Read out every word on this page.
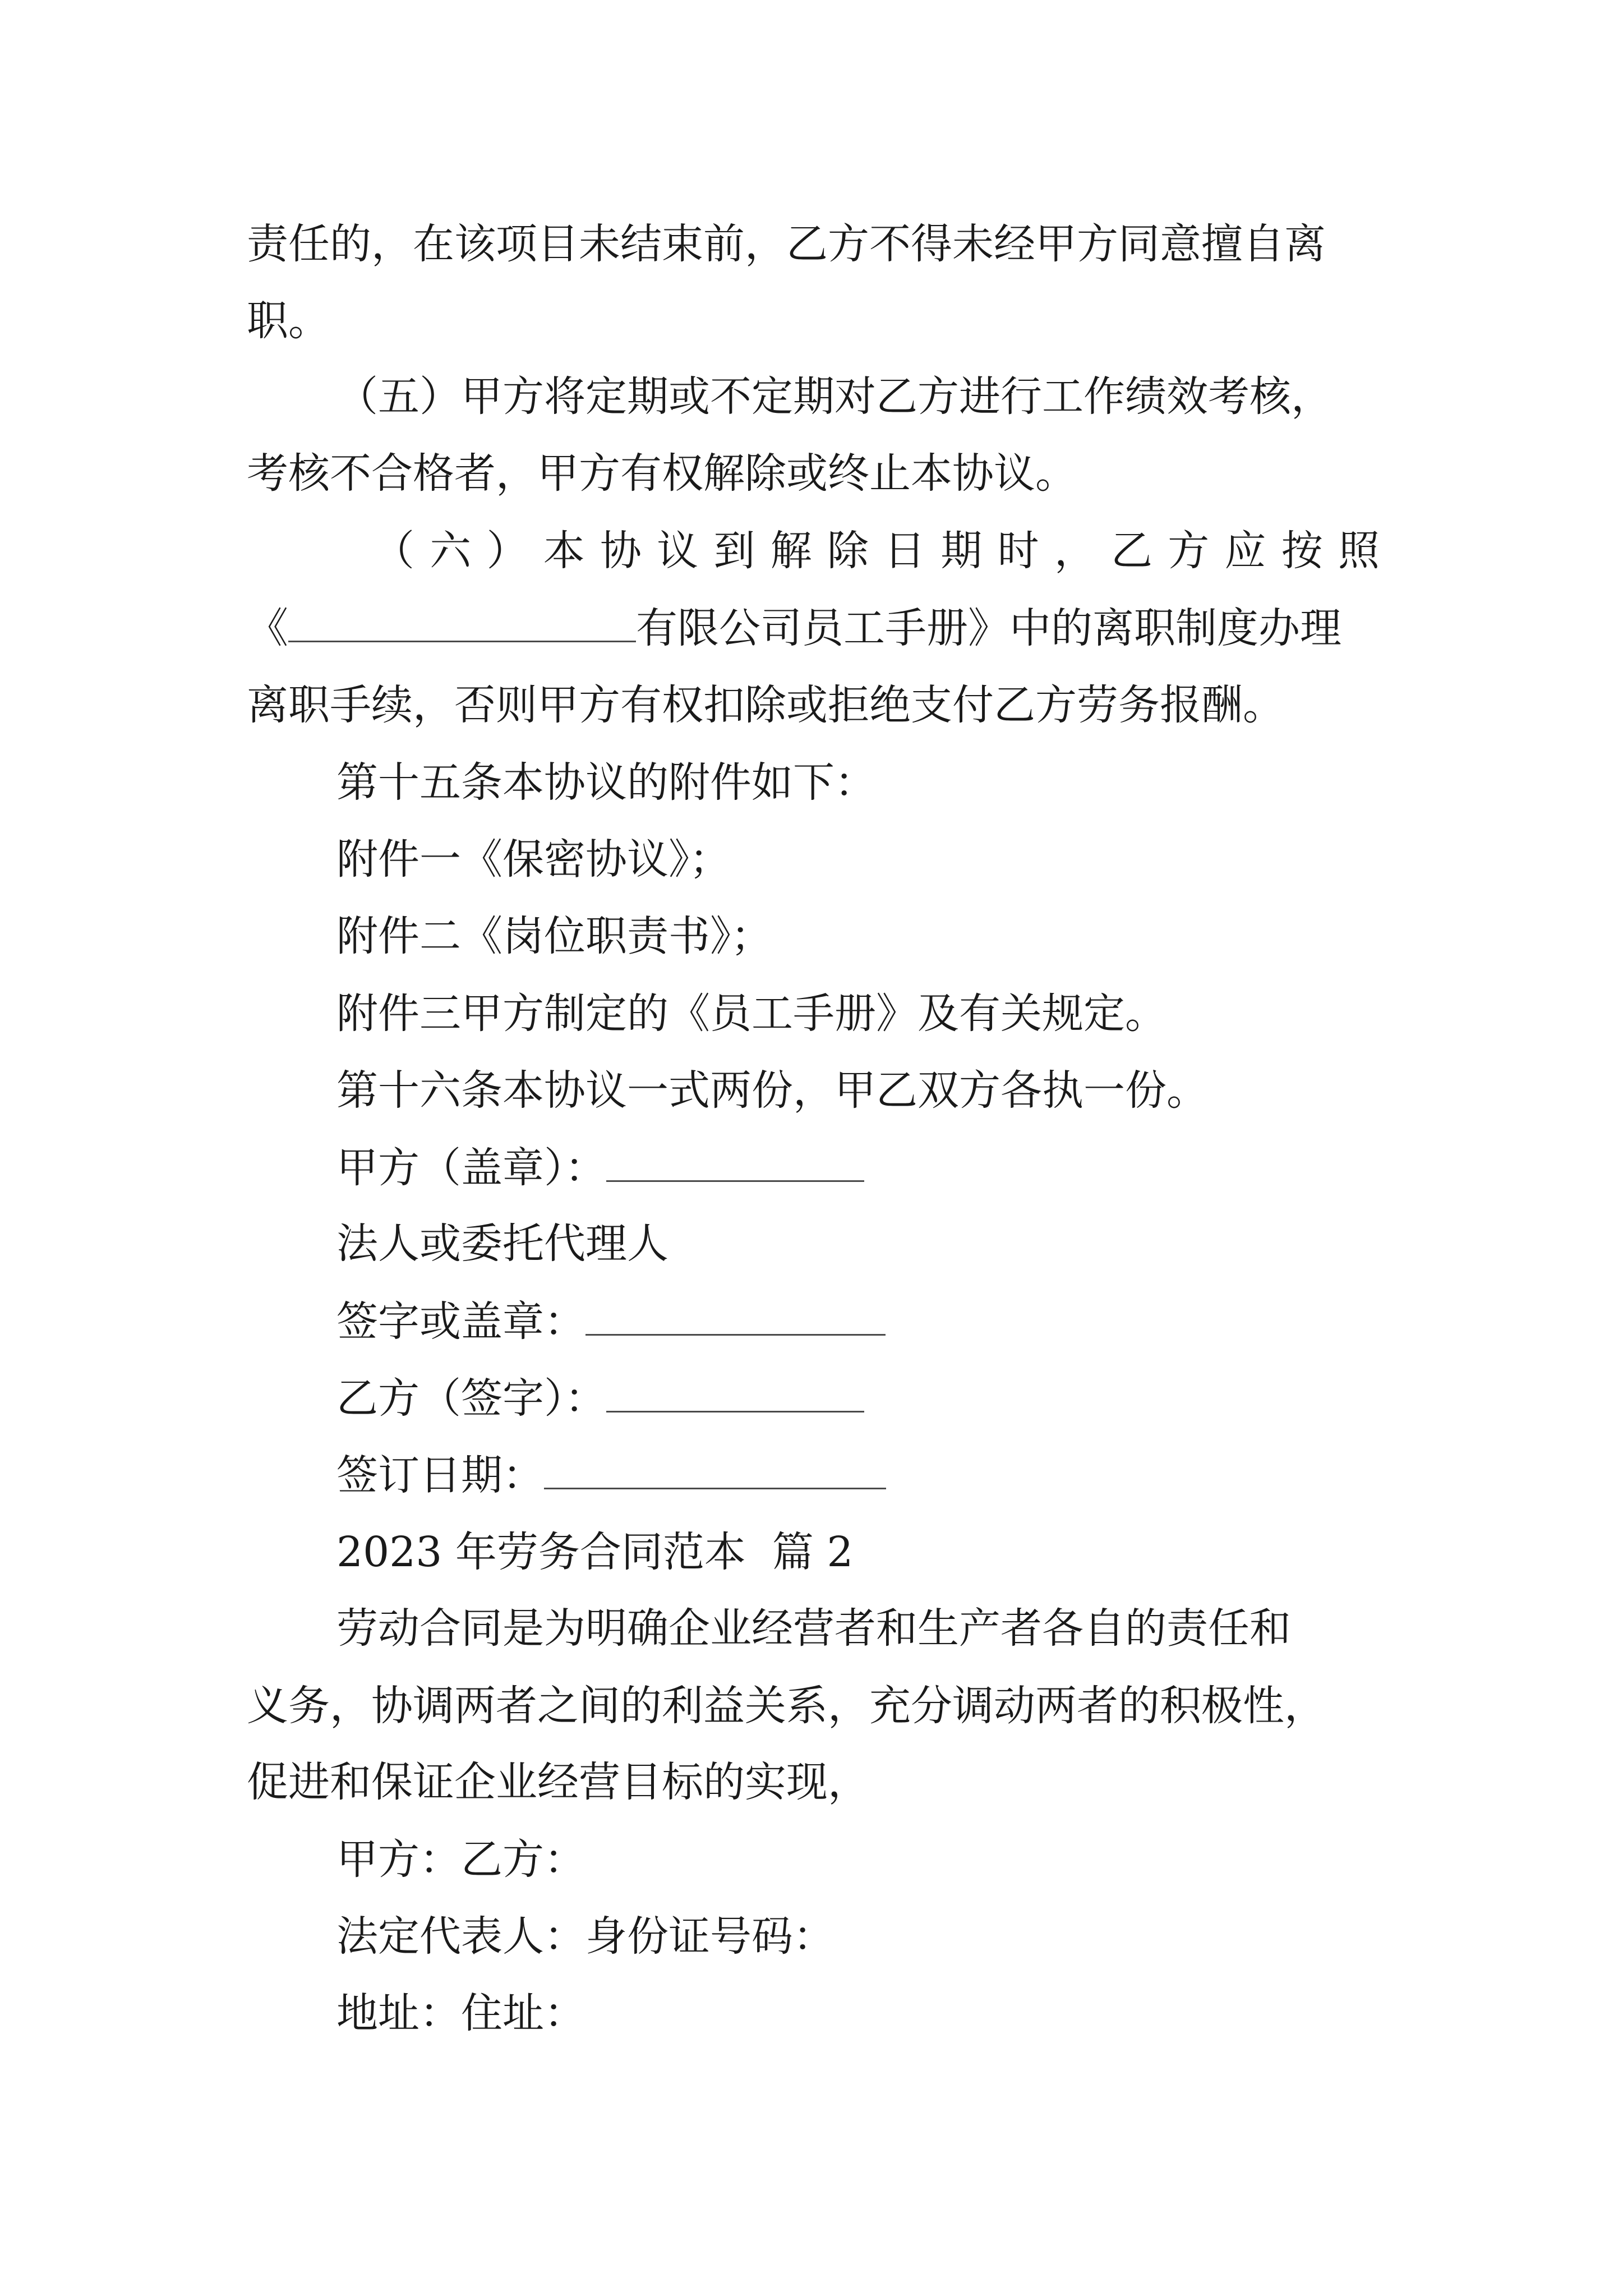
责任的，在该项目未结束前，乙方不得未经甲方同意擅自离
职。
（五）甲方将定期或不定期对乙方进行工作绩效考核，
考核不合格者，甲方有权解除或终止本协议。
（ 六 ） 本 协 议 到 解 除 日 期 时 ， 乙 方 应 按 照
《	有限公司员工手册》中的离职制度办理
离职手续，否则甲方有权扣除或拒绝支付乙方劳务报酬。
第十五条本协议的附件如下：
附件一《保密协议》；
附件二《岗位职责书》；
附件三甲方制定的《员工手册》及有关规定。
第十六条本协议一式两份，甲乙双方各执一份。
甲方（盖章）：
法人或委托代理人
签字或盖章：
乙方（签字）：
签订日期：
2023 年劳务合同范本  篇 2
劳动合同是为明确企业经营者和生产者各自的责任和
义务，协调两者之间的利益关系，充分调动两者的积极性，
促进和保证企业经营目标的实现，
甲方：乙方：
法定代表人：身份证号码：
地址：住址：
